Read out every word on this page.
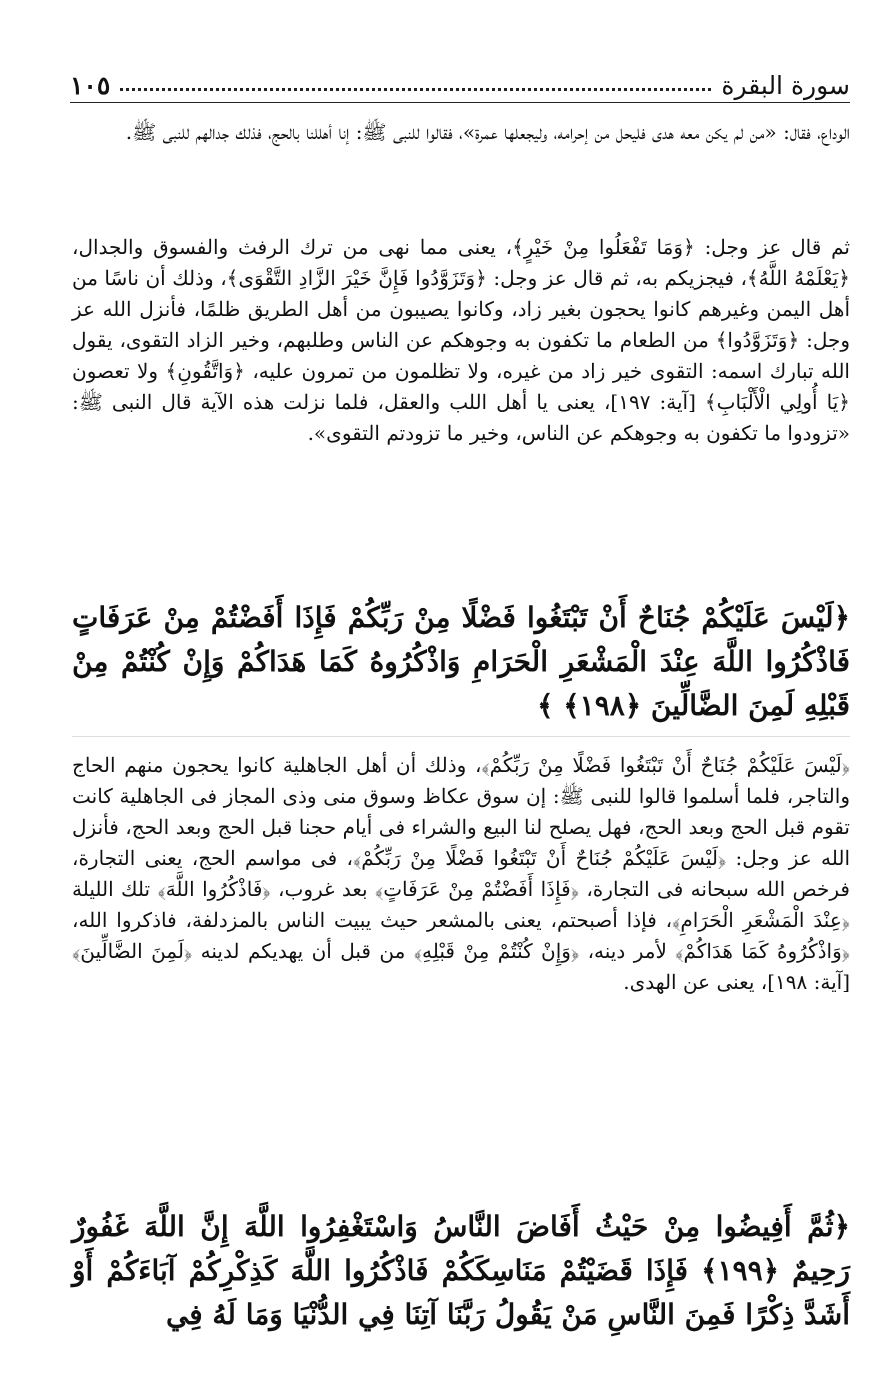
سورة البقرة
١٠٥
الوداع، فقال: «من لم يكن معه هدى فليحل من إحرامه، وليجعلها عمرة»، فقالوا للنبى ﷺ: إنا أهللنا بالحج، فذلك جدالهم للنبى ﷺ.
ثم قال عز وجل: ﴿وَمَا تَفْعَلُوا مِنْ خَيْرٍ﴾، يعنى مما نهى من ترك الرفث والفسوق والجدال، ﴿يَعْلَمْهُ اللَّهُ﴾، فيجزيكم به، ثم قال عز وجل: ﴿وَتَزَوَّدُوا فَإِنَّ خَيْرَ الزَّادِ التَّقْوَى﴾، وذلك أن ناسًا من أهل اليمن وغيرهم كانوا يحجون بغير زاد، وكانوا يصيبون من أهل الطريق ظلمًا، فأنزل الله عز وجل: ﴿وَتَزَوَّدُوا﴾ من الطعام ما تكفون به وجوهكم عن الناس وطلبهم، وخير الزاد التقوى، يقول الله تبارك اسمه: التقوى خير زاد من غيره، ولا تظلمون من تمرون عليه، ﴿وَاتَّقُونِ﴾ ولا تعصون ﴿يَا أُولِي الْأَلْبَابِ﴾ [آية: ١٩٧]، يعنى يا أهل اللب والعقل، فلما نزلت هذه الآية قال النبى ﷺ: «تزودوا ما تكفون به وجوهكم عن الناس، وخير ما تزودتم التقوى».
﴿لَيْسَ عَلَيْكُمْ جُنَاحٌ أَنْ تَبْتَغُوا فَضْلًا مِنْ رَبِّكُمْ فَإِذَا أَفَضْتُمْ مِنْ عَرَفَاتٍ فَاذْكُرُوا اللَّهَ عِنْدَ الْمَشْعَرِ الْحَرَامِ وَاذْكُرُوهُ كَمَا هَدَاكُمْ وَإِنْ كُنْتُمْ مِنْ قَبْلِهِ لَمِنَ الضَّالِّينَ ﴿١٩٨﴾ ﴾
﴿لَيْسَ عَلَيْكُمْ جُنَاحٌ أَنْ تَبْتَغُوا فَضْلًا مِنْ رَبِّكُمْ﴾، وذلك أن أهل الجاهلية كانوا يحجون منهم الحاج والتاجر، فلما أسلموا قالوا للنبى ﷺ: إن سوق عكاظ وسوق منى وذى المجاز فى الجاهلية كانت تقوم قبل الحج وبعد الحج، فهل يصلح لنا البيع والشراء فى أيام حجنا قبل الحج وبعد الحج، فأنزل الله عز وجل: ﴿لَيْسَ عَلَيْكُمْ جُنَاحٌ أَنْ تَبْتَغُوا فَضْلًا مِنْ رَبِّكُمْ﴾، فى مواسم الحج، يعنى التجارة، فرخص الله سبحانه فى التجارة، ﴿فَإِذَا أَفَضْتُمْ مِنْ عَرَفَاتٍ﴾ بعد غروب، ﴿فَاذْكُرُوا اللَّهَ﴾ تلك الليلة ﴿عِنْدَ الْمَشْعَرِ الْحَرَامِ﴾، فإذا أصبحتم، يعنى بالمشعر حيث يبيت الناس بالمزدلفة، فاذكروا الله، ﴿وَاذْكُرُوهُ كَمَا هَدَاكُمْ﴾ لأمر دينه، ﴿وَإِنْ كُنْتُمْ مِنْ قَبْلِهِ﴾ من قبل أن يهديكم لدينه ﴿لَمِنَ الضَّالِّينَ﴾ [آية: ١٩٨]، يعنى عن الهدى.
﴿ثُمَّ أَفِيضُوا مِنْ حَيْثُ أَفَاضَ النَّاسُ وَاسْتَغْفِرُوا اللَّهَ إِنَّ اللَّهَ غَفُورٌ رَحِيمٌ ﴿١٩٩﴾ فَإِذَا قَضَيْتُمْ مَنَاسِكَكُمْ فَاذْكُرُوا اللَّهَ كَذِكْرِكُمْ آبَاءَكُمْ أَوْ أَشَدَّ ذِكْرًا فَمِنَ النَّاسِ مَنْ يَقُولُ رَبَّنَا آتِنَا فِي الدُّنْيَا وَمَا لَهُ فِي
